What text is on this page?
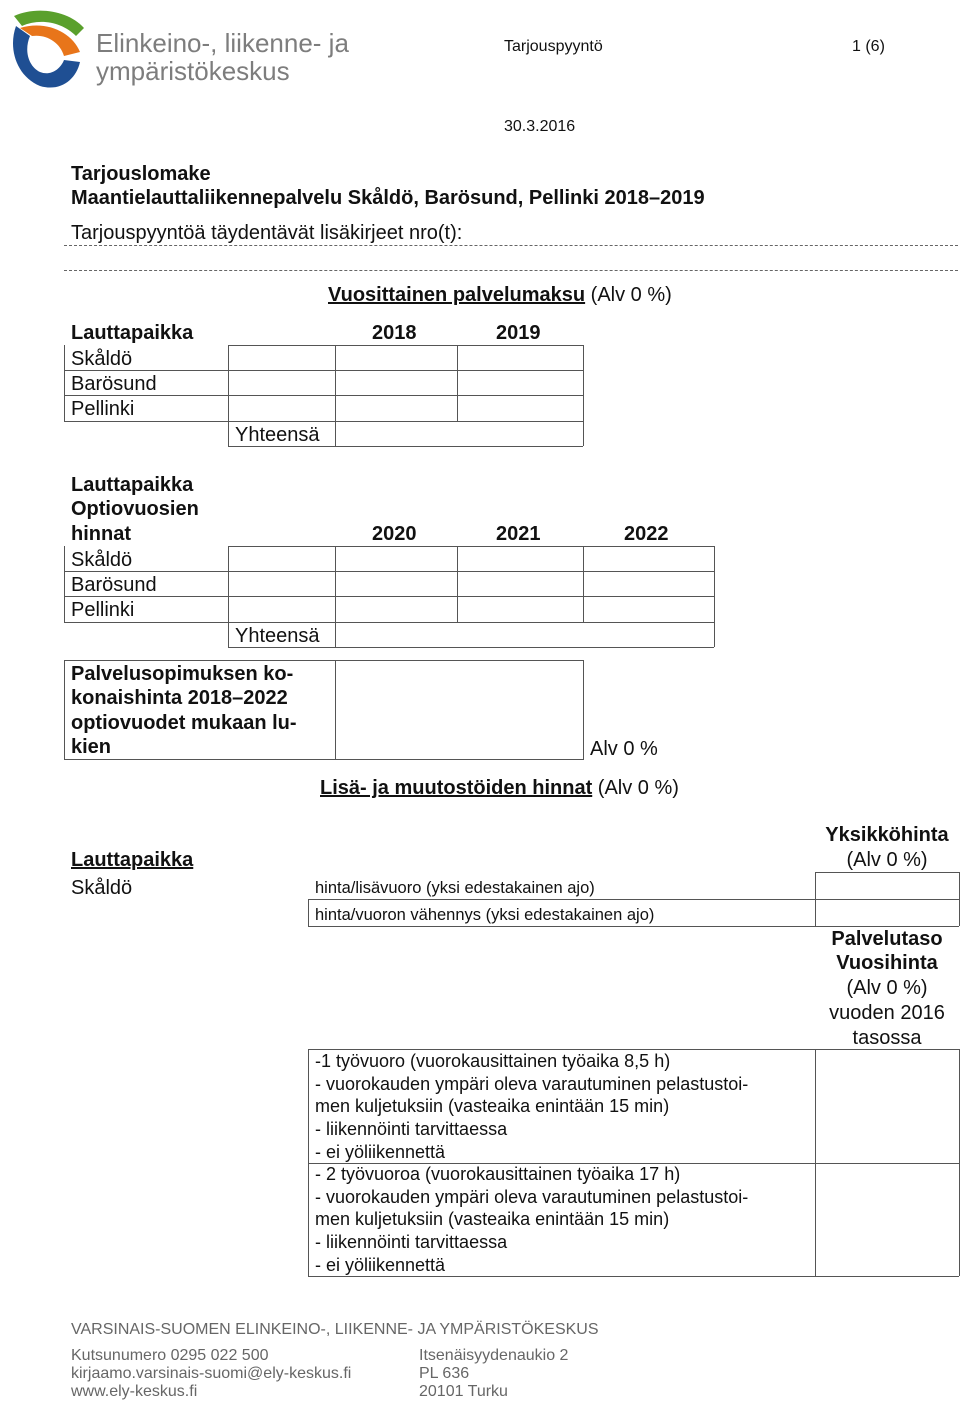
Elinkeino-, liikenne- ja
ympäristökeskus
Tarjouspyyntö	1 (6)
30.3.2016
Tarjouslomake
Maantielauttaliikennepalvelu Skåldö, Barösund, Pellinki 2018–2019
Tarjouspyyntöä täydentävät lisäkirjeet nro(t):
Vuosittainen palvelumaksu (Alv 0 %)
Lauttapaikka	2018	2019
Skåldö
Barösund
Pellinki
Yhteensä
Lauttapaikka
Optiovuosien
hinnat	2020	2021	2022
Skåldö
Barösund
Pellinki
Yhteensä
Palvelusopimuksen ko-
konaishinta 2018–2022
optiovuodet mukaan lu-
kien	Alv 0 %
Lisä- ja muutostöiden hinnat (Alv 0 %)
Yksikköhinta
(Alv 0 %)
Lauttapaikka
Skåldö	hinta/lisävuoro (yksi edestakainen ajo)
hinta/vuoron vähennys (yksi edestakainen ajo)
Palvelutaso
Vuosihinta
(Alv 0 %)
vuoden 2016
tasossa
-1 työvuoro (vuorokausittainen työaika 8,5 h)
- vuorokauden ympäri oleva varautuminen pelastustoi-
men kuljetuksiin (vasteaika enintään 15 min)
- liikennöinti tarvittaessa
- ei yöliikennettä
- 2 työvuoroa (vuorokausittainen työaika 17 h)
- vuorokauden ympäri oleva varautuminen pelastustoi-
men kuljetuksiin (vasteaika enintään 15 min)
- liikennöinti tarvittaessa
- ei yöliikennettä
VARSINAIS-SUOMEN ELINKEINO-, LIIKENNE- JA YMPÄRISTÖKESKUS
Kutsunumero 0295 022 500
kirjaamo.varsinais-suomi@ely-keskus.fi
www.ely-keskus.fi
Itsenäisyydenaukio 2
PL 636
20101 Turku
